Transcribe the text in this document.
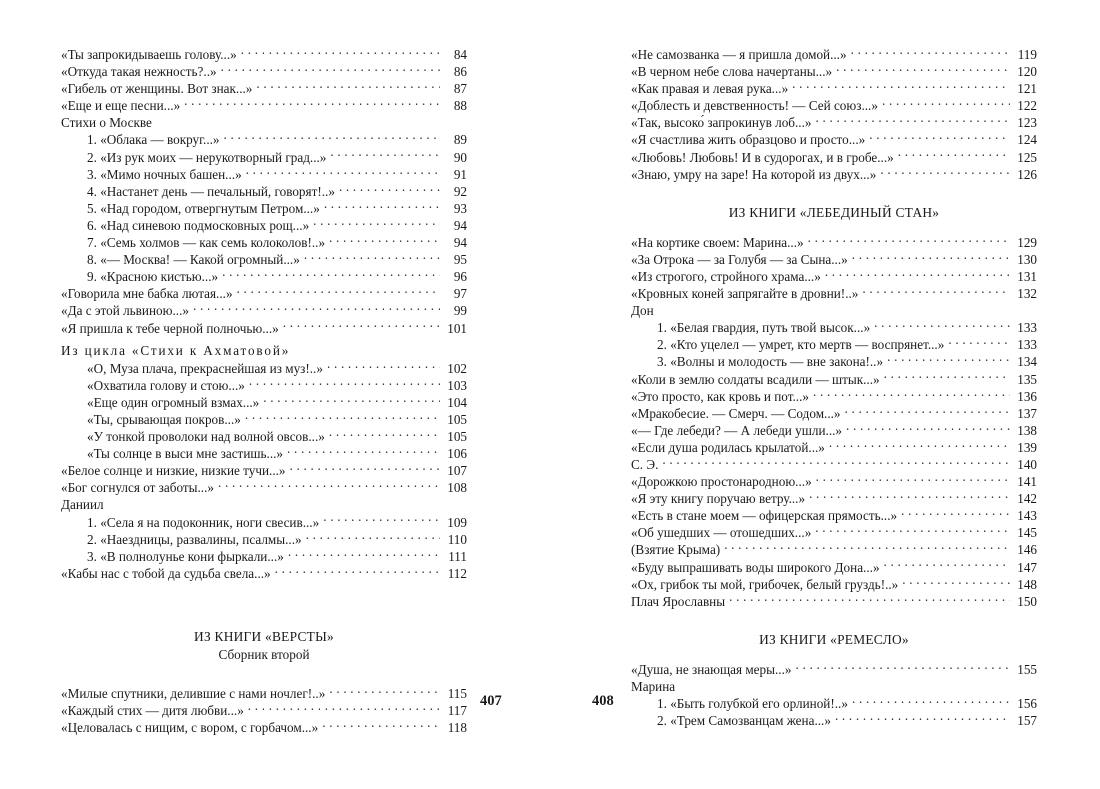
«Ты запрокидываешь голову...» . . .	84
«Откуда такая нежность?..» . . .	86
«Гибель от женщины. Вот знак...» . . .	87
«Еще и еще песни...» . . .	88
Стихи о Москве
1. «Облака — вокруг...» . . .	89
2. «Из рук моих — нерукотворный град...» . . .	90
3. «Мимо ночных башен...» . . .	91
4. «Настанет день — печальный, говорят!..» . . .	92
5. «Над городом, отвергнутым Петром...» . . .	93
6. «Над синевою подмосковных рощ...» . . .	94
7. «Семь холмов — как семь колоколов!..» . . .	94
8. «— Москва! — Какой огромный...» . . .	95
9. «Красною кистью...» . . .	96
«Говорила мне бабка лютая...» . . .	97
«Да с этой львиною...» . . .	99
«Я пришла к тебе черной полночью...» . . .	101
Из цикла «Стихи к Ахматовой»
«О, Муза плача, прекраснейшая из муз!..» . . .	102
«Охватила голову и стою...» . . .	103
«Еще один огромный взмах...» . . .	104
«Ты, срывающая покров...» . . .	105
«У тонкой проволоки над волной овсов...» . . .	105
«Ты солнце в выси мне застишь...» . . .	106
«Белое солнце и низкие, низкие тучи...» . . .	107
«Бог согнулся от заботы...» . . .	108
Даниил
1. «Села я на подоконник, ноги свесив...» . . .	109
2. «Наездницы, развалины, псалмы...» . . .	110
3. «В полнолунье кони фыркали...» . . .	111
«Кабы нас с тобой да судьба свела...» . . .	112
ИЗ КНИГИ «ВЕРСТЫ»
Сборник второй
«Милые спутники, делившие с нами ночлег!..» . . .	115
«Каждый стих — дитя любви...» . . .	117
«Целовалась с нищим, с вором, с горбачом...» . . .	118
«Не самозванка — я пришла домой...» . . .	119
«В черном небе слова начертаны...» . . .	120
«Как правая и левая рука...» . . .	121
«Доблесть и девственность! — Сей союз...» . . .	122
«Так, высоко́ запрокинув лоб...» . . .	123
«Я счастлива жить образцово и просто...» . . .	124
«Любовь! Любовь! И в судорогах, и в гробе...» . . .	125
«Знаю, умру на заре! На которой из двух...» . . .	126
ИЗ КНИГИ «ЛЕБЕДИНЫЙ СТАН»
«На кортике своем: Марина...» . . .	129
«За Отрока — за Голубя — за Сына...» . . .	130
«Из строгого, стройного храма...» . . .	131
«Кровных коней запрягайте в дровни!..» . . .	132
Дон
1. «Белая гвардия, путь твой высок...» . . .	133
2. «Кто уцелел — умрет, кто мертв — воспрянет...» . . .	133
3. «Волны и молодость — вне закона!..» . . .	134
«Коли в землю солдаты всадили — штык...» . . .	135
«Это просто, как кровь и пот...» . . .	136
«Мракобесие. — Смерч. — Содом...» . . .	137
«— Где лебеди? — А лебеди ушли...» . . .	138
«Если душа родилась крылатой...» . . .	139
С. Э. . . .	140
«Дорожкою простонародною...» . . .	141
«Я эту книгу поручаю ветру...» . . .	142
«Есть в стане моем — офицерская прямость...» . . .	143
«Об ушедших — отошедших...» . . .	145
(Взятие Крыма) . . .	146
«Буду выпрашивать воды широкого Дона...» . . .	147
«Ох, грибок ты мой, грибочек, белый груздь!..» . . .	148
Плач Ярославны . . .	150
ИЗ КНИГИ «РЕМЕСЛО»
«Душа, не знающая меры...» . . .	155
Марина
1. «Быть голубкой его орлиной!..» . . .	156
2. «Трем Самозванцам жена...» . . .	157
407	408
